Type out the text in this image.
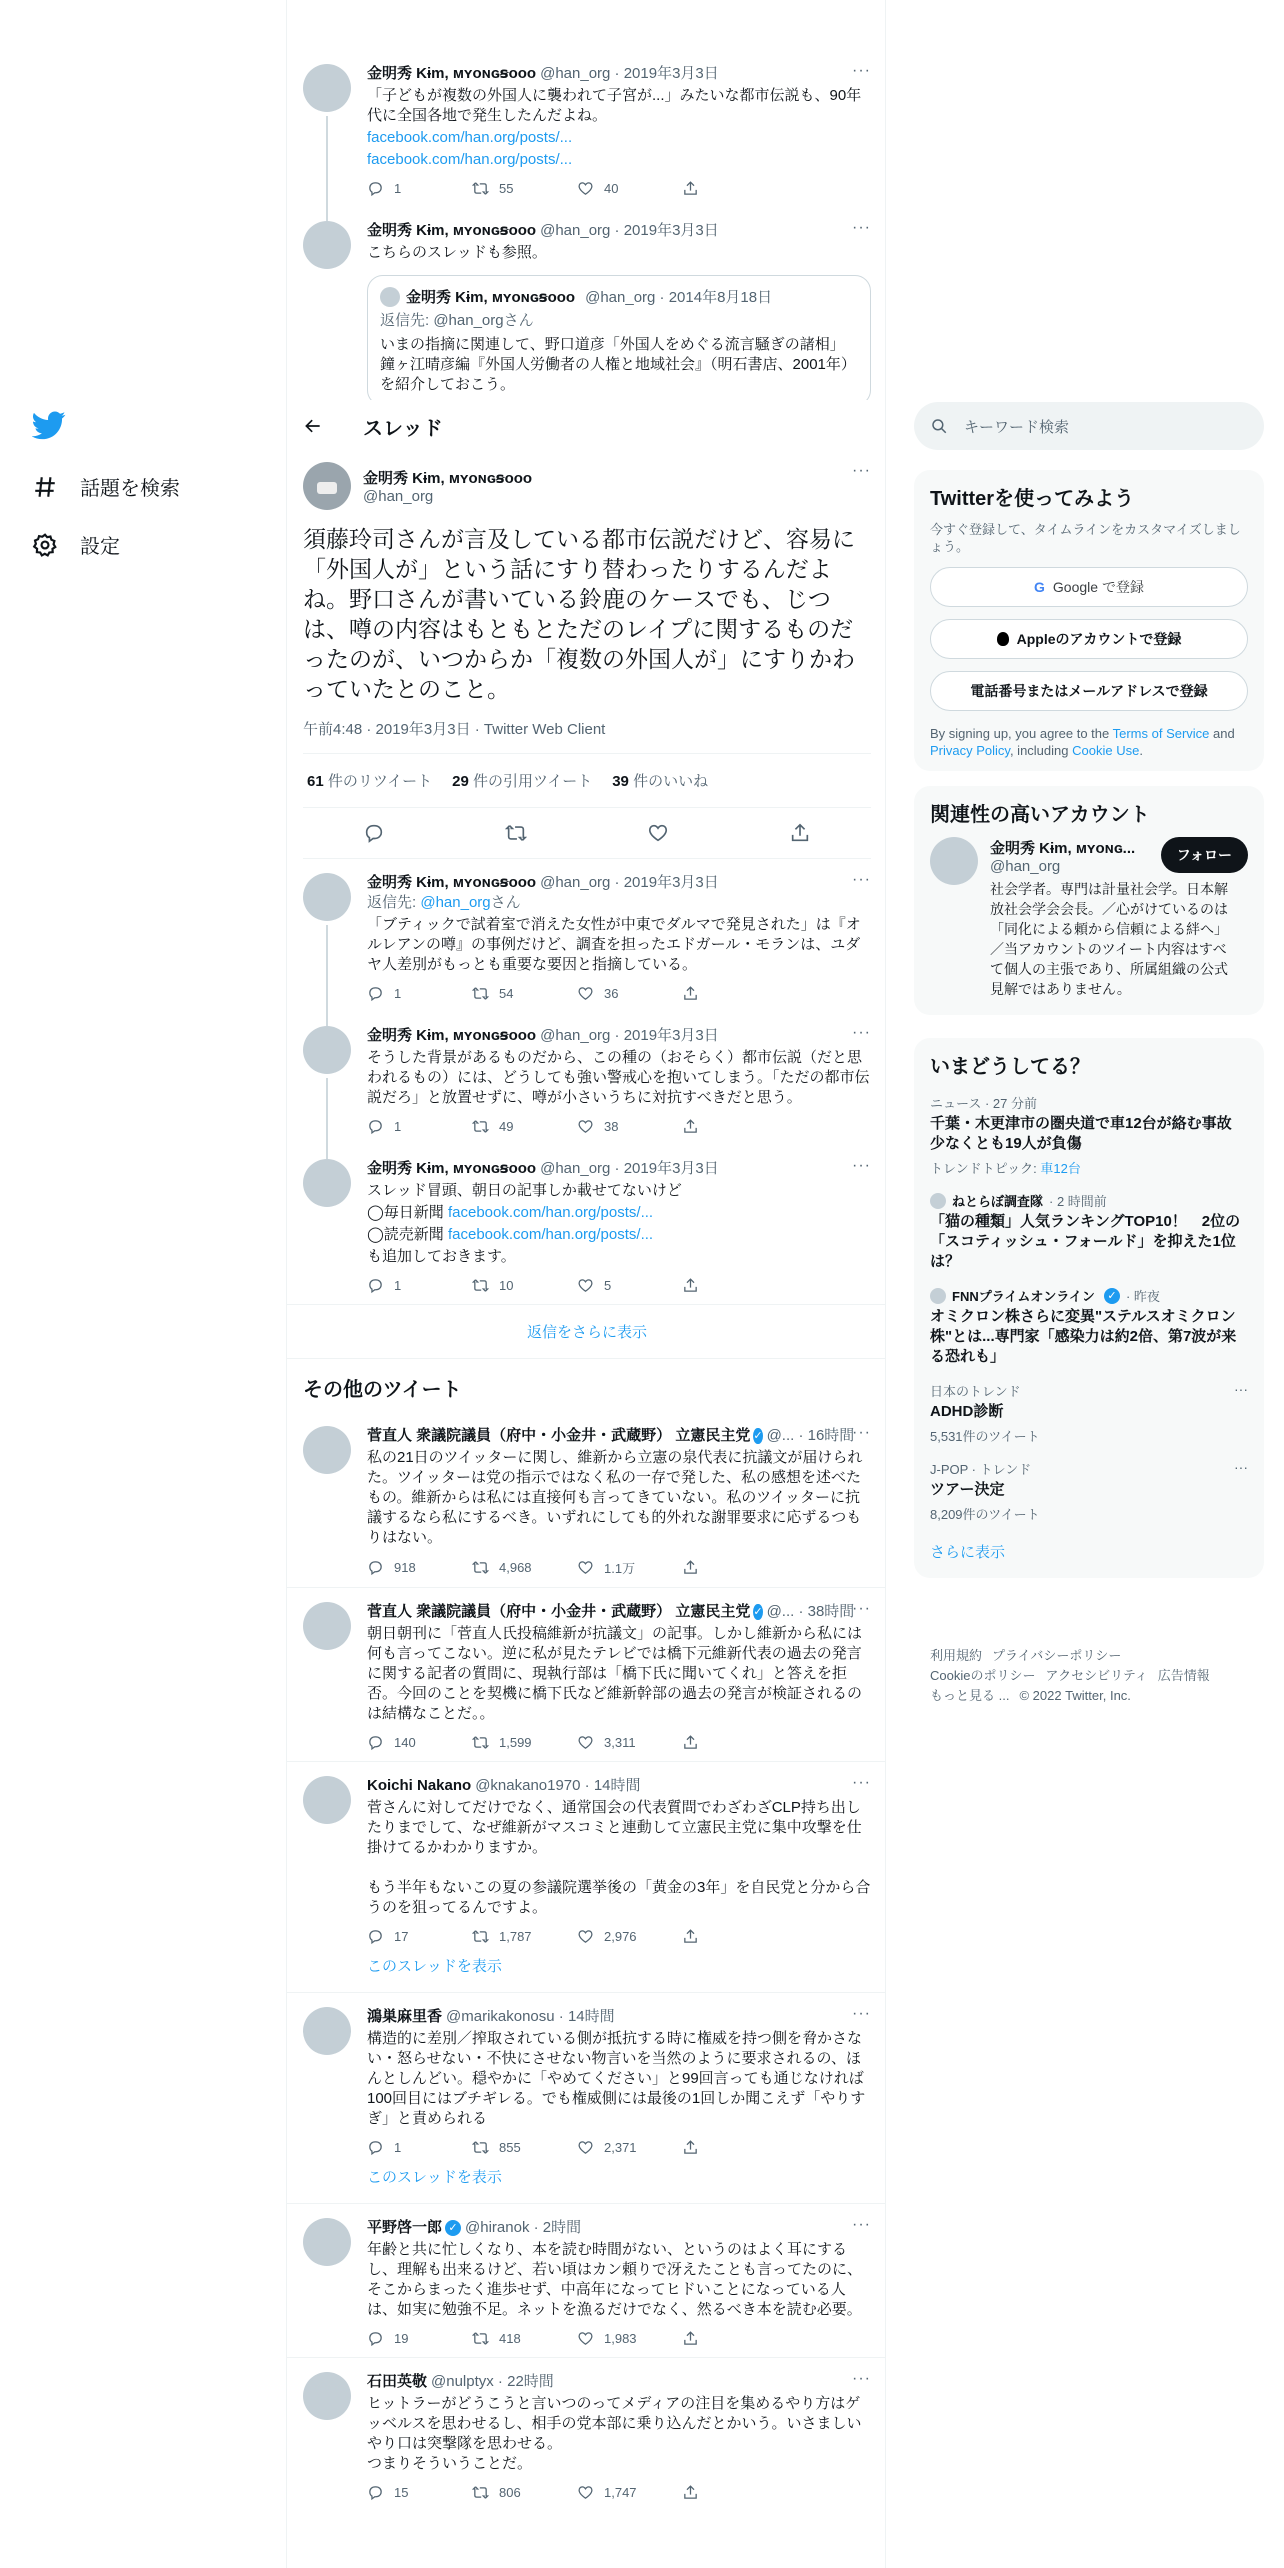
話題を検索
設定
···
金明秀 Kɨm, ᴍʏᴏɴɢꞩooo @han_org · 2019年3月3日
「子どもが複数の外国人に襲われて子宮が...」みたいな都市伝説も、90年代に全国各地で発生したんだよね。
facebook.com/han.org/posts/...
facebook.com/han.org/posts/...
1	55	40
···
金明秀 Kɨm, ᴍʏᴏɴɢꞩooo @han_org · 2019年3月3日
こちらのスレッドも参照。
金明秀 Kɨm, ᴍʏᴏɴɢꞩooo @han_org · 2014年8月18日
返信先: @han_orgさん
いまの指摘に関連して、野口道彦「外国人をめぐる流言騒ぎの諸相」鐘ヶ江晴彦編『外国人労働者の人権と地域社会』（明石書店、2001年）を紹介しておこう。
スレッド
金明秀 Kɨm, ᴍʏᴏɴɢꞩooo
@han_org
···
須藤玲司さんが言及している都市伝説だけど、容易に「外国人が」という話にすり替わったりするんだよね。野口さんが書いている鈴鹿のケースでも、じつは、噂の内容はもともとただのレイプに関するものだったのが、いつからか「複数の外国人が」にすりかわっていたとのこと。
午前4:48 · 2019年3月3日 · Twitter Web Client
61 件のリツイート 29 件の引用ツイート 39 件のいいね
···
金明秀 Kɨm, ᴍʏᴏɴɢꞩooo @han_org · 2019年3月3日
返信先: @han_orgさん
「ブティックで試着室で消えた女性が中東でダルマで発見された」は『オルレアンの噂』の事例だけど、調査を担ったエドガール・モランは、ユダヤ人差別がもっとも重要な要因と指摘している。
1	54	36
···
金明秀 Kɨm, ᴍʏᴏɴɢꞩooo @han_org · 2019年3月3日
そうした背景があるものだから、この種の（おそらく）都市伝説（だと思われるもの）には、どうしても強い警戒心を抱いてしまう。「ただの都市伝説だろ」と放置せずに、噂が小さいうちに対抗すべきだと思う。
1	49	38
···
金明秀 Kɨm, ᴍʏᴏɴɢꞩooo @han_org · 2019年3月3日
スレッド冒頭、朝日の記事しか載せてないけど
◯毎日新聞 facebook.com/han.org/posts/...
◯読売新聞 facebook.com/han.org/posts/...
も追加しておきます。
1	10	5
返信をさらに表示
その他のツイート
···
菅直人 衆議院議員（府中・小金井・武蔵野） 立憲民主党 ✓ @... · 16時間
私の21日のツイッターに関し、維新から立憲の泉代表に抗議文が届けられた。ツイッターは党の指示ではなく私の一存で発した、私の感想を述べたもの。維新からは私には直接何も言ってきていない。私のツイッターに抗議するなら私にするべき。いずれにしても的外れな謝罪要求に応ずるつもりはない。
918	4,968	1.1万
···
菅直人 衆議院議員（府中・小金井・武蔵野） 立憲民主党 ✓ @... · 38時間
朝日朝刊に「菅直人氏投稿維新が抗議文」の記事。しかし維新から私には何も言ってこない。逆に私が見たテレビでは橋下元維新代表の過去の発言に関する記者の質問に、現執行部は「橋下氏に聞いてくれ」と答えを拒否。今回のことを契機に橋下氏など維新幹部の過去の発言が検証されるのは結構なことだ。。
140	1,599	3,311
···
Koichi Nakano @knakano1970 · 14時間
菅さんに対してだけでなく、通常国会の代表質問でわざわざCLP持ち出したりまでして、なぜ維新がマスコミと連動して立憲民主党に集中攻撃を仕掛けてるかわかりますか。

もう半年もないこの夏の参議院選挙後の「黄金の3年」を自民党と分から合うのを狙ってるんですよ。
17	1,787	2,976
このスレッドを表示
···
鴻巣麻里香 @marikakonosu · 14時間
構造的に差別／搾取されている側が抵抗する時に権威を持つ側を脅かさない・怒らせない・不快にさせない物言いを当然のように要求されるの、ほんとしんどい。穏やかに「やめてください」と99回言っても通じなければ100回目にはブチギレる。でも権威側には最後の1回しか聞こえず「やりすぎ」と責められる
1	855	2,371
このスレッドを表示
···
平野啓一郎 ✓ @hiranok · 2時間
年齢と共に忙しくなり、本を読む時間がない、というのはよく耳にするし、理解も出来るけど、若い頃はカン頼りで冴えたことも言ってたのに、そこからまったく進歩せず、中高年になってヒドいことになっている人は、如実に勉強不足。ネットを漁るだけでなく、然るべき本を読む必要。
19	418	1,983
···
石田英敬 @nulptyx · 22時間
ヒットラーがどうこうと言いつのってメディアの注目を集めるやり方はゲッベルスを思わせるし、相手の党本部に乗り込んだとかいう。いさましいやり口は突撃隊を思わせる。
つまりそういうことだ。
15	806	1,747
キーワード検索
Twitterを使ってみよう
今すぐ登録して、タイムラインをカスタマイズしましょう。
G Google で登録
Appleのアカウントで登録
電話番号またはメールアドレスで登録
By signing up, you agree to the Terms of Service and Privacy Policy, including Cookie Use.
関連性の高いアカウント
金明秀 Kɨm, ᴍʏᴏɴɢ...
@han_org
社会学者。専門は計量社会学。日本解放社会学会会長。／心がけているのは「同化による頼から信頼による絆へ」／当アカウントのツイート内容はすべて個人の主張であり、所属組織の公式見解ではありません。
フォロー
いまどうしてる？
ニュース · 27 分前
千葉・木更津市の圏央道で車12台が絡む事故 少なくとも19人が負傷
トレンドトピック: 車12台
ねとらぼ調査隊 · 2 時間前
「猫の種類」人気ランキングTOP10！　2位の「スコティッシュ・フォールド」を抑えた1位は？
FNNプライムオンライン	✓ · 昨夜
オミクロン株さらに変異"ステルスオミクロン株"とは...専門家「感染力は約2倍、第7波が来る恐れも」
···
日本のトレンド
ADHD診断
5,531件のツイート
···
J-POP · トレンド
ツアー決定
8,209件のツイート
さらに表示
利用規約 プライバシーポリシー
Cookieのポリシー アクセシビリティ 広告情報
もっと見る ... © 2022 Twitter, Inc.
